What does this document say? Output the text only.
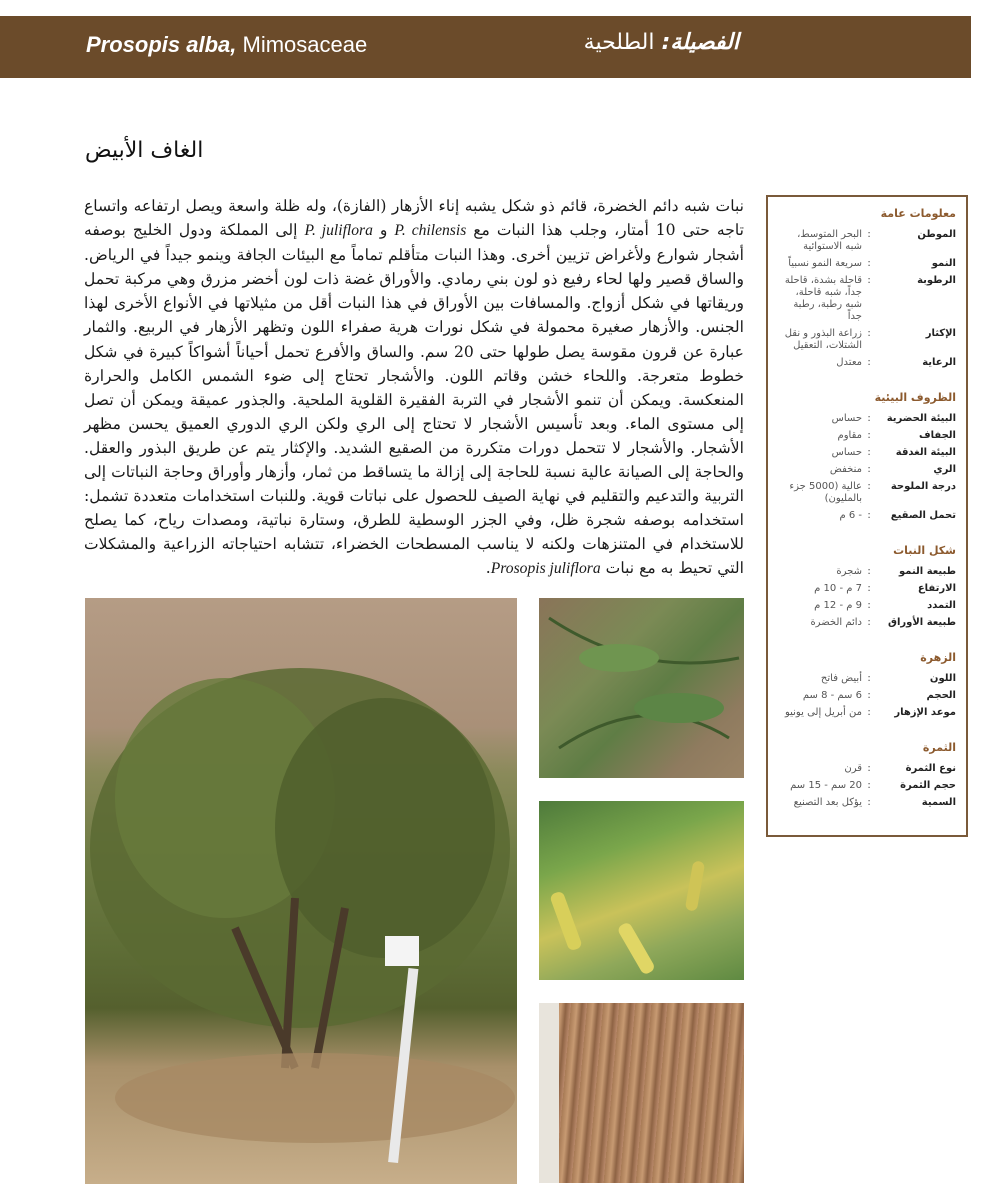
Prosopis alba, Mimosaceae	الفصيلة: الطلحية
الغاف الأبيض
نبات شبه دائم الخضرة، قائم ذو شكل يشبه إناء الأزهار (الفازة)، وله ظلة واسعة ويصل ارتفاعه واتساع تاجه حتى 10 أمتار، وجلب هذا النبات مع P. chilensis و P. juliflora إلى المملكة ودول الخليج بوصفه أشجار شوارع ولأغراض تزيين أخرى. وهذا النبات متأقلم تماماً مع البيئات الجافة وينمو جيداً في الرياض. والساق قصير ولها لحاء رفيع ذو لون بني رمادي. والأوراق غضة ذات لون أخضر مزرق وهي مركبة تحمل وريقاتها في شكل أزواج. والمسافات بين الأوراق في هذا النبات أقل من مثيلاتها في الأنواع الأخرى لهذا الجنس. والأزهار صغيرة محمولة في شكل نورات هرية صفراء اللون وتظهر الأزهار في الربيع. والثمار عبارة عن قرون مقوسة يصل طولها حتى 20 سم. والساق والأفرع تحمل أحياناً أشواكاً كبيرة في شكل خطوط متعرجة. واللحاء خشن وقاتم اللون. والأشجار تحتاج إلى ضوء الشمس الكامل والحرارة المنعكسة. ويمكن أن تنمو الأشجار في التربة الفقيرة القلوية الملحية. والجذور عميقة ويمكن أن تصل إلى مستوى الماء. وبعد تأسيس الأشجار لا تحتاج إلى الري ولكن الري الدوري العميق يحسن مظهر الأشجار. والأشجار لا تتحمل دورات متكررة من الصقيع الشديد. والإكثار يتم عن طريق البذور والعقل. والحاجة إلى الصيانة عالية نسبة للحاجة إلى إزالة ما يتساقط من ثمار، وأزهار وأوراق وحاجة النباتات إلى التربية والتدعيم والتقليم في نهاية الصيف للحصول على نباتات قوية. وللنبات استخدامات متعددة تشمل: استخدامه بوصفه شجرة ظل، وفي الجزر الوسطية للطرق، وستارة نباتية، ومصدات رياح، كما يصلح للاستخدام في المتنزهات ولكنه لا يناسب المسطحات الخضراء، تتشابه احتياجاته الزراعية والمشكلات التي تحيط به مع نبات Prosopis juliflora.
معلومات عامة
الموطن
:
البحر المتوسط، شبه الاستوائية
النمو
:
سريعة النمو نسبياً
الرطوبة
:
قاحلة بشدة، قاحلة جداً، شبه قاحلة، شبه رطبة، رطبة جداً
الإكثار
:
زراعة البذور و نقل الشتلات، التعقيل
الرعاية
:
معتدل
الظروف البيئية
البيئة الحضرية
:
حساس
الجفاف
:
مقاوم
البيئة الغدقة
:
حساس
الري
:
منخفض
درجة الملوحة
:
عالية (5000 جزء بالمليون)
تحمل الصقيع
:
- 6 م
شكل النبات
طبيعة النمو
:
شجرة
الارتفاع
:
7 م - 10 م
التمدد
:
9 م - 12 م
طبيعة الأوراق
:
دائم الخضرة
الزهرة
اللون
:
أبيض فاتح
الحجم
:
6 سم - 8 سم
موعد الإزهار
:
من أبريل إلى يونيو
الثمرة
نوع الثمرة
:
قرن
حجم الثمرة
:
20 سم - 15 سم
السمية
:
يؤكل بعد التصنيع
